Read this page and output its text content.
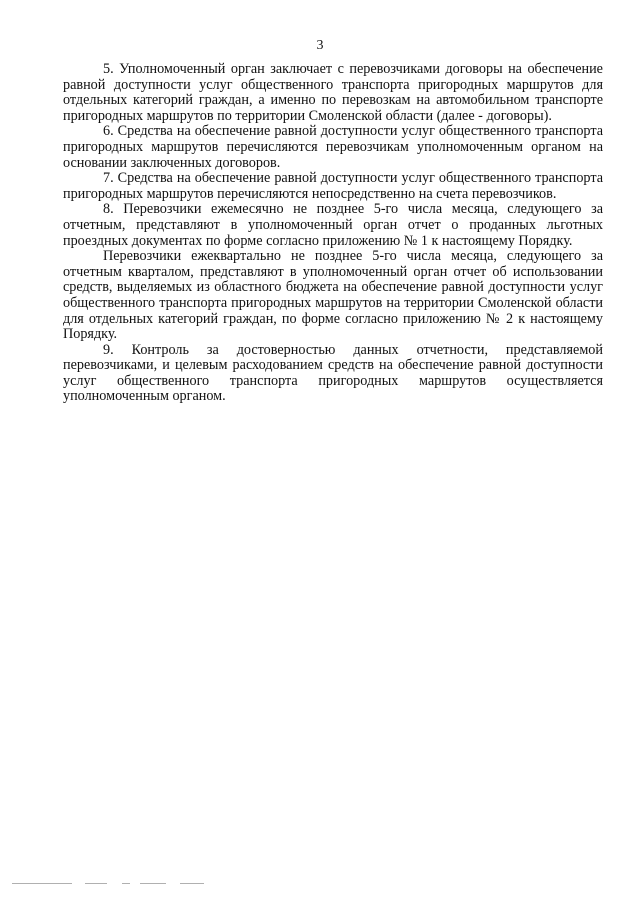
3

5. Уполномоченный орган заключает с перевозчиками договоры на обеспечение равной доступности услуг общественного транспорта пригородных маршрутов для отдельных категорий граждан, а именно по перевозкам на автомобильном транспорте пригородных маршрутов по территории Смоленской области (далее - договоры).

6. Средства на обеспечение равной доступности услуг общественного транспорта пригородных маршрутов перечисляются перевозчикам уполномоченным органом на основании заключенных договоров.

7. Средства на обеспечение равной доступности услуг общественного транспорта пригородных маршрутов перечисляются непосредственно на счета перевозчиков.

8. Перевозчики ежемесячно не позднее 5-го числа месяца, следующего за отчетным, представляют в уполномоченный орган отчет о проданных льготных проездных документах по форме согласно приложению № 1 к настоящему Порядку.

Перевозчики ежеквартально не позднее 5-го числа месяца, следующего за отчетным кварталом, представляют в уполномоченный орган отчет об использовании средств, выделяемых из областного бюджета на обеспечение равной доступности услуг общественного транспорта пригородных маршрутов на территории Смоленской области для отдельных категорий граждан, по форме согласно приложению № 2 к настоящему Порядку.

9. Контроль за достоверностью данных отчетности, представляемой перевозчиками, и целевым расходованием средств на обеспечение равной доступности услуг общественного транспорта пригородных маршрутов осуществляется уполномоченным органом.
